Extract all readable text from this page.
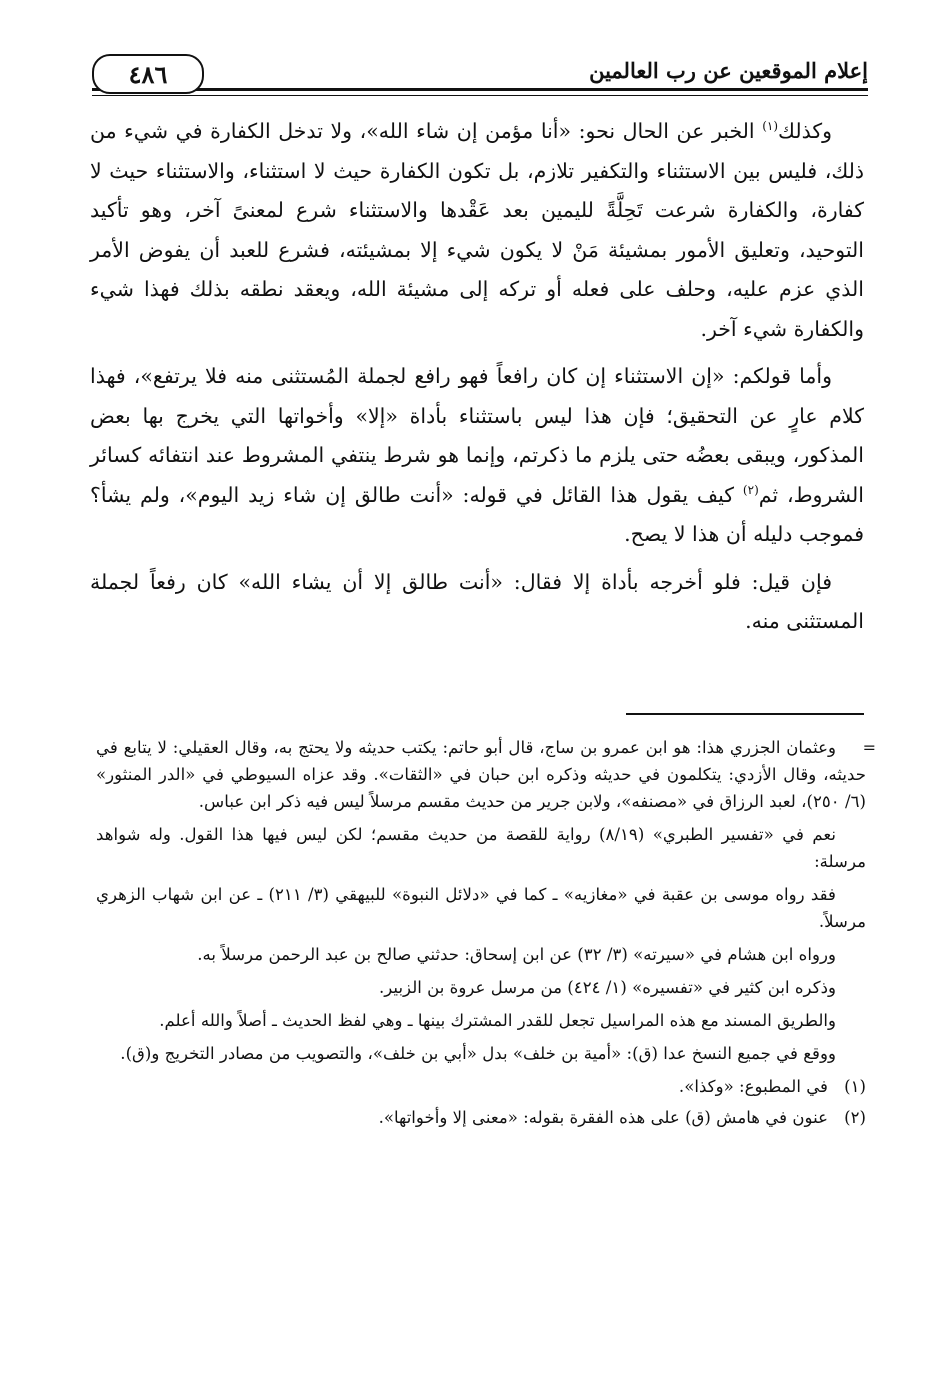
إعلام الموقعين عن رب العالمين
٤٨٦

وكذلك$^{(١)}$ الخبر عن الحال نحو: «أنا مؤمن إن شاء الله»، ولا تدخل الكفارة في شيء من ذلك، فليس بين الاستثناء والتكفير تلازم، بل تكون الكفارة حيث لا استثناء، والاستثناء حيث لا كفارة، والكفارة شرعت تَحِلَّةً لليمين بعد عَقْدها والاستثناء شرع لمعنىً آخر، وهو تأكيد التوحيد، وتعليق الأمور بمشيئة مَنْ لا يكون شيء إلا بمشيئته، فشرع للعبد أن يفوض الأمر الذي عزم عليه، وحلف على فعله أو تركه إلى مشيئة الله، ويعقد نطقه بذلك فهذا شيء والكفارة شيء آخر.

وأما قولكم: «إن الاستثناء إن كان رافعاً فهو رافع لجملة المُستثنى منه فلا يرتفع»، فهذا كلام عارٍ عن التحقيق؛ فإن هذا ليس باستثناء بأداة «إلا» وأخواتها التي يخرج بها بعض المذكور، ويبقى بعضُه حتى يلزم ما ذكرتم، وإنما هو شرط ينتفي المشروط عند انتفائه كسائر الشروط، ثم$^{(٢)}$ كيف يقول هذا القائل في قوله: «أنت طالق إن شاء زيد اليوم»، ولم يشأ؟ فموجب دليله أن هذا لا يصح.

فإن قيل: فلو أخرجه بأداة إلا فقال: «أنت طالق إلا أن يشاء الله» كان رفعاً لجملة المستثنى منه.

=

وعثمان الجزري هذا: هو ابن عمرو بن ساج، قال أبو حاتم: يكتب حديثه ولا يحتج به، وقال العقيلي: لا يتابع في حديثه، وقال الأزدي: يتكلمون في حديثه وذكره ابن حبان في «الثقات». وقد عزاه السيوطي في «الدر المنثور» (٦/ ٢٥٠)، لعبد الرزاق في «مصنفه»، ولابن جرير من حديث مقسم مرسلاً ليس فيه ذكر ابن عباس.

نعم في «تفسير الطبري» (٨/١٩) رواية للقصة من حديث مقسم؛ لكن ليس فيها هذا القول. وله شواهد مرسلة:

فقد رواه موسى بن عقبة في «مغازيه» ـ كما في «دلائل النبوة» للبيهقي (٣/ ٢١١) ـ عن ابن شهاب الزهري مرسلاً.

ورواه ابن هشام في «سيرته» (٣/ ٣٢) عن ابن إسحاق: حدثني صالح بن عبد الرحمن مرسلاً به.

وذكره ابن كثير في «تفسيره» (١/ ٤٢٤) من مرسل عروة بن الزبير.

والطريق المسند مع هذه المراسيل تجعل للقدر المشترك بينها ـ وهي لفظ الحديث ـ أصلاً والله أعلم.

ووقع في جميع النسخ عدا (ق): «أمية بن خلف» بدل «أبي بن خلف»، والتصويب من مصادر التخريج و(ق).

(١)
في المطبوع: «وكذا».
(٢)
عنون في هامش (ق) على هذه الفقرة بقوله: «معنى إلا وأخواتها».
